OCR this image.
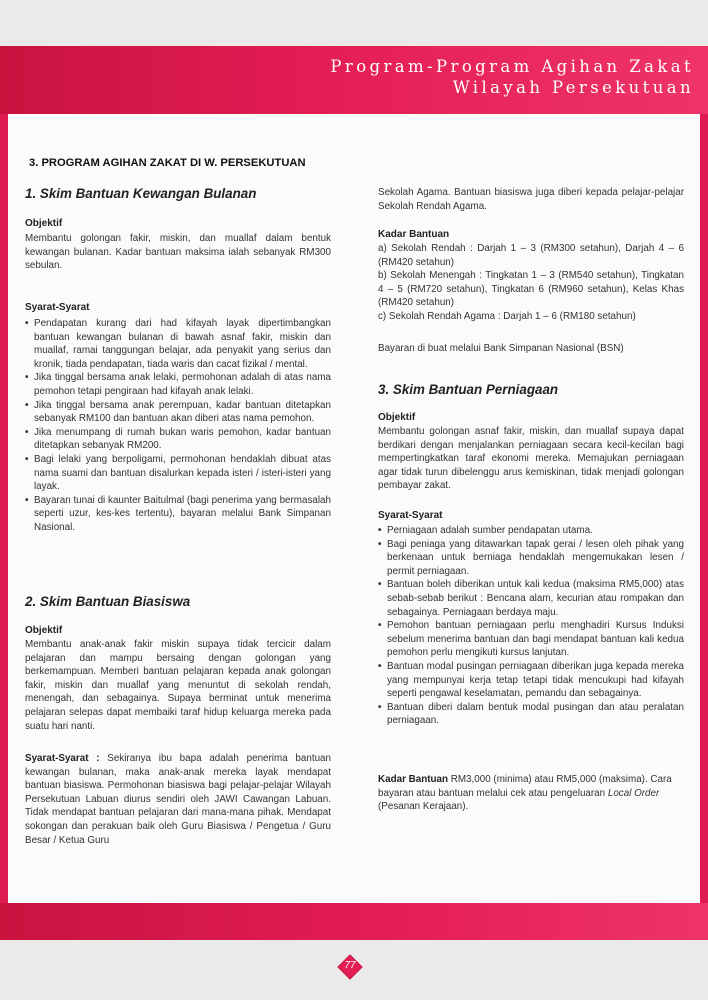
Program-Program Agihan Zakat
Wilayah Persekutuan
3. PROGRAM AGIHAN ZAKAT DI W. PERSEKUTUAN
1. Skim Bantuan Kewangan Bulanan
Objektif

Membantu golongan fakir, miskin, dan muallaf dalam bentuk kewangan bulanan. Kadar bantuan maksima ialah sebanyak RM300 sebulan.

Syarat-Syarat
• Pendapatan kurang dari had kifayah layak dipertimbangkan bantuan kewangan bulanan di bawah asnaf fakir, miskin dan muallaf, ramai tanggungan belajar, ada penyakit yang serius dan kronik, tiada pendapatan, tiada waris dan cacat fizikal / mental.
• Jika tinggal bersama anak lelaki, permohonan adalah di atas nama pemohon tetapi pengiraan had kifayah anak lelaki.
• Jika tinggal bersama anak perempuan, kadar bantuan ditetapkan sebanyak RM100 dan bantuan akan diberi atas nama pemohon.
• Jika menumpang di rumah bukan waris pemohon, kadar bantuan ditetapkan sebanyak RM200.
• Bagi lelaki yang berpoligami, permohonan hendaklah dibuat atas nama suami dan bantuan disalurkan kepada isteri / isteri-isteri yang layak.
• Bayaran tunai di kaunter Baitulmal (bagi penerima yang bermasalah seperti uzur, kes-kes tertentu), bayaran melalui Bank Simpanan Nasional.
2. Skim Bantuan Biasiswa
Objektif

Membantu anak-anak fakir miskin supaya tidak tercicir dalam pelajaran dan mampu bersaing dengan golongan yang berkemampuan. Memberi bantuan pelajaran kepada anak golongan fakir, miskin dan muallaf yang menuntut di sekolah rendah, menengah, dan sebagainya. Supaya berminat untuk menerima pelajaran selepas dapat membaiki taraf hidup keluarga mereka pada suatu hari nanti.

Syarat-Syarat : Sekiranya ibu bapa adalah penerima bantuan kewangan bulanan, maka anak-anak mereka layak mendapat bantuan biasiswa. Permohonan biasiswa bagi pelajar-pelajar Wilayah Persekutuan Labuan diurus sendiri oleh JAWI Cawangan Labuan. Tidak mendapat bantuan pelajaran dari mana-mana pihak. Mendapat sokongan dan perakuan baik oleh Guru Biasiswa / Pengetua / Guru Besar / Ketua Guru

Sekolah Agama. Bantuan biasiswa juga diberi kepada pelajar-pelajar Sekolah Rendah Agama.

Kadar Bantuan
a) Sekolah Rendah : Darjah 1 – 3 (RM300 setahun), Darjah 4 – 6 (RM420 setahun)
b) Sekolah Menengah : Tingkatan 1 – 3 (RM540 setahun), Tingkatan 4 – 5 (RM720 setahun), Tingkatan 6 (RM960 setahun), Kelas Khas (RM420 setahun)
c) Sekolah Rendah Agama : Darjah 1 – 6 (RM180 setahun)

Bayaran di buat melalui Bank Simpanan Nasional (BSN)

3. Skim Bantuan Perniagaan
Objektif

Membantu golongan asnaf fakir, miskin, dan muallaf supaya dapat berdikari dengan menjalankan perniagaan secara kecil-kecilan bagi mempertingkatkan taraf ekonomi mereka. Memajukan perniagaan agar tidak turun dibelenggu arus kemiskinan, tidak menjadi golongan pembayar zakat.

Syarat-Syarat
• Perniagaan adalah sumber pendapatan utama.
• Bagi peniaga yang ditawarkan tapak gerai / lesen oleh pihak yang berkenaan untuk berniaga hendaklah mengemukakan lesen / permit perniagaan.
• Bantuan boleh diberikan untuk kali kedua (maksima RM5,000) atas sebab-sebab berikut : Bencana alam, kecurian atau rompakan dan sebagainya. Perniagaan berdaya maju.
• Pemohon bantuan perniagaan perlu menghadiri Kursus Induksi sebelum menerima bantuan dan bagi mendapat bantuan kali kedua pemohon perlu mengikuti kursus lanjutan.
• Bantuan modal pusingan perniagaan diberikan juga kepada mereka yang mempunyai kerja tetap tetapi tidak mencukupi had kifayah seperti pengawal keselamatan, pemandu dan sebagainya.
• Bantuan diberi dalam bentuk modal pusingan dan atau peralatan perniagaan.

Kadar Bantuan RM3,000 (minima) atau RM5,000 (maksima). Cara bayaran atau bantuan melalui cek atau pengeluaran Local Order (Pesanan Kerajaan).

77
